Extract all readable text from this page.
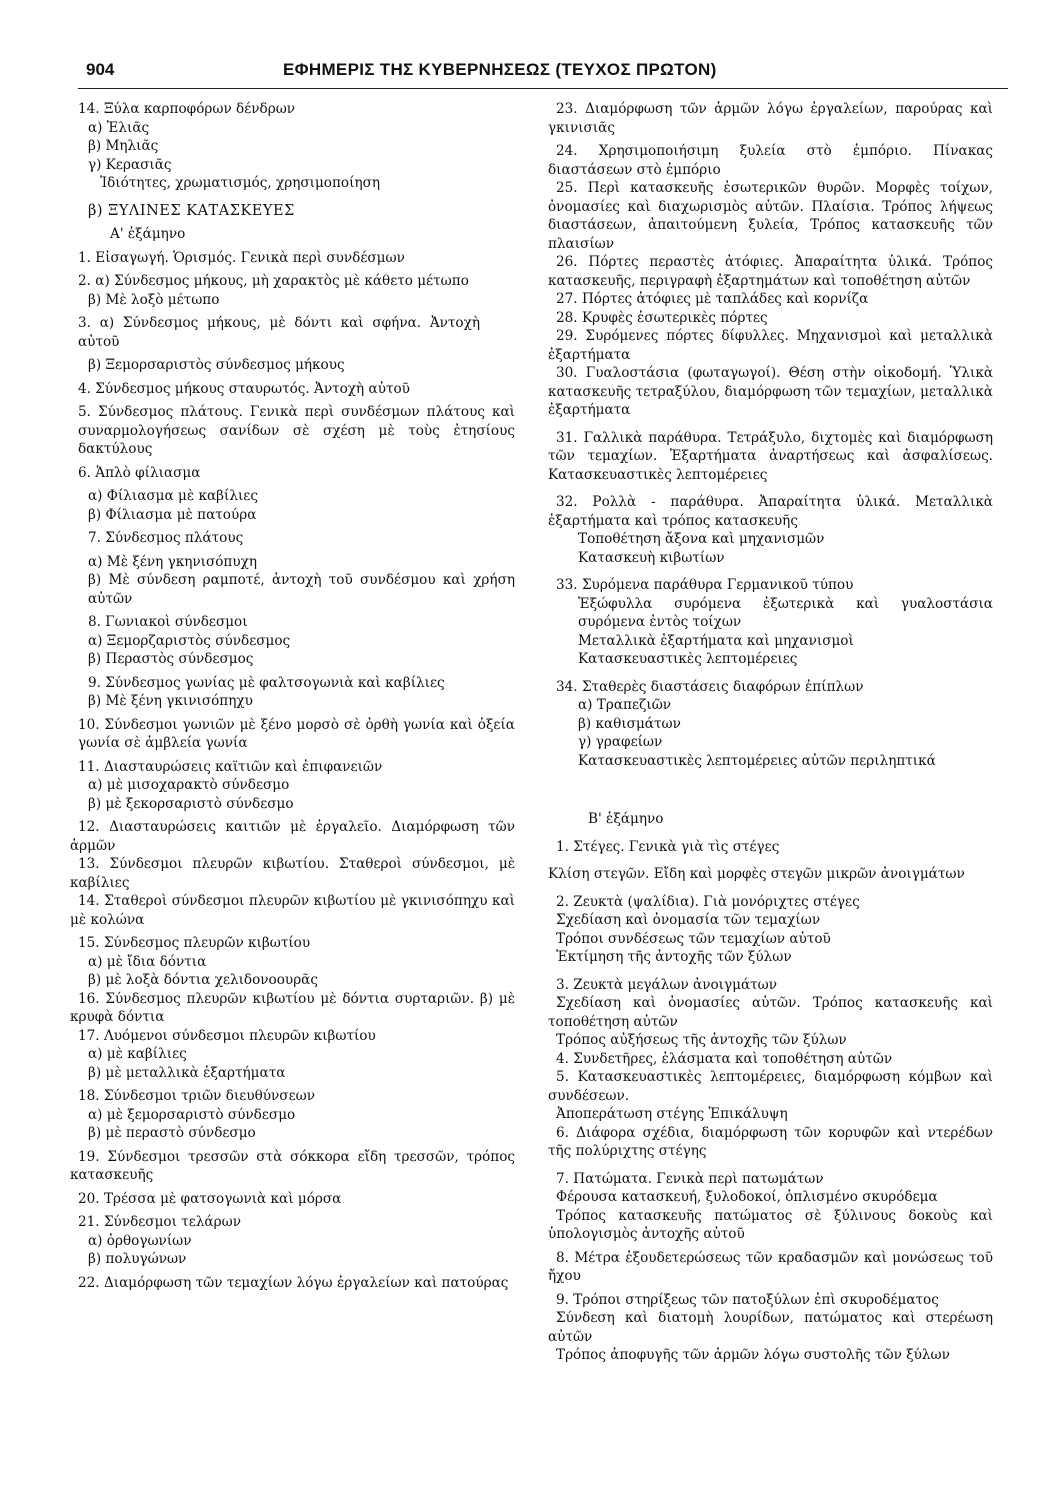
904	ΕΦΗΜΕΡΙΣ ΤΗΣ ΚΥΒΕΡΝΗΣΕΩΣ (ΤΕΥΧΟΣ ΠΡΩΤΟΝ)
14. Ξύλα καρποφόρων δένδρων
α) Ἐλιᾶς
β) Μηλιᾶς
γ) Κερασιᾶς
Ἰδιότητες, χρωματισμός, χρησιμοποίηση
β) ΞΥΛΙΝΕΣ ΚΑΤΑΣΚΕΥΕΣ
Α' ἑξάμηνο
1. Εἰσαγωγή. Ὁρισμός. Γενικὰ περὶ συνδέσμων
2. α) Σύνδεσμος μήκους, μὴ χαρακτὸς μὲ κάθετο μέτωπο
β) Μὲ λοξὸ μέτωπο
3. α) Σύνδεσμος μήκους, μὲ δόντι καὶ σφήνα. Ἀντοχὴ αὐτοῦ
β) Ξεμορσαριστὸς σύνδεσμος μήκους
4. Σύνδεσμος μήκους σταυρωτός. Ἀντοχὴ αὐτοῦ
5. Σύνδεσμος πλάτους. Γενικὰ περὶ συνδέσμων πλάτους καὶ συναρμολογήσεως σανίδων σὲ σχέση μὲ τοὺς ἐτησίους δακτύλους
6. Ἁπλὸ φίλιασμα
α) Φίλιασμα μὲ καβίλιες
β) Φίλιασμα μὲ πατούρα
7. Σύνδεσμος πλάτους
α) Μὲ ξένη γκηνισόπυχη
β) Μὲ σύνδεση ραμποτέ, ἀντοχὴ τοῦ συνδέσμου καὶ χρήση αὐτῶν
8. Γωνιακοὶ σύνδεσμοι
α) Ξεμορζαριστὸς σύνδεσμος
β) Περαστὸς σύνδεσμος
9. Σύνδεσμος γωνίας μὲ φαλτσογωνιὰ καὶ καβίλιες
β) Μὲ ξένη γκινισόπηχυ
10. Σύνδεσμοι γωνιῶν μὲ ξένο μορσὸ σὲ ὀρθὴ γωνία καὶ ὀξεία γωνία σὲ ἀμβλεία γωνία
11. Διασταυρώσεις καϊτιῶν καὶ ἐπιφανειῶν
α) μὲ μισοχαρακτὸ σύνδεσμο
β) μὲ ξεκορσαριστὸ σύνδεσμο
12. Διασταυρώσεις καιτιῶν μὲ ἐργαλεῖο. Διαμόρφωση τῶν ἁρμῶν
13. Σύνδεσμοι πλευρῶν κιβωτίου. Σταθεροὶ σύνδεσμοι, μὲ καβίλιες
14. Σταθεροὶ σύνδεσμοι πλευρῶν κιβωτίου μὲ γκινισόπηχυ καὶ μὲ κολώνα
15. Σύνδεσμος πλευρῶν κιβωτίου
α) μὲ ἴδια δόντια
β) μὲ λοξὰ δόντια χελιδονοουρᾶς
16. Σύνδεσμος πλευρῶν κιβωτίου μὲ δόντια συρταριῶν. β) μὲ κρυφὰ δόντια
17. Λυόμενοι σύνδεσμοι πλευρῶν κιβωτίου
α) μὲ καβίλιες
β) μὲ μεταλλικὰ ἐξαρτήματα
18. Σύνδεσμοι τριῶν διευθύνσεων
α) μὲ ξεμορσαριστὸ σύνδεσμο
β) μὲ περαστὸ σύνδεσμο
19. Σύνδεσμοι τρεσσῶν στὰ σόκκορα εἴδη τρεσσῶν, τρόπος κατασκευῆς
20. Τρέσσα μὲ φατσογωνιὰ καὶ μόρσα
21. Σύνδεσμοι τελάρων
α) ὀρθογωνίων
β) πολυγώνων
22. Διαμόρφωση τῶν τεμαχίων λόγω ἐργαλείων καὶ πατούρας
23. Διαμόρφωση τῶν ἁρμῶν λόγω ἐργαλείων, παρούρας καὶ γκινισιᾶς
24. Χρησιμοποιήσιμη ξυλεία στὸ ἐμπόριο. Πίνακας διαστάσεων στὸ ἐμπόριο
25. Περὶ κατασκευῆς ἐσωτερικῶν θυρῶν. Μορφὲς τοίχων, ὀνομασίες καὶ διαχωρισμὸς αὐτῶν. Πλαίσια. Τρόπος λήψεως διαστάσεων, ἀπαιτούμενη ξυλεία, Τρόπος κατασκευῆς τῶν πλαισίων
26. Πόρτες περαστὲς ἀτόφιες. Ἀπαραίτητα ὑλικά. Τρόπος κατασκευῆς, περιγραφὴ ἐξαρτημάτων καὶ τοποθέτηση αὐτῶν
27. Πόρτες ἀτόφιες μὲ ταπλάδες καὶ κορνίζα
28. Κρυφὲς ἐσωτερικὲς πόρτες
29. Συρόμενες πόρτες δίφυλλες. Μηχανισμοὶ καὶ μεταλλικὰ ἐξαρτήματα
30. Γυαλοστάσια (φωταγωγοί). Θέση στὴν οἰκοδομή. Ὑλικὰ κατασκευῆς τετραξύλου, διαμόρφωση τῶν τεμαχίων, μεταλλικὰ ἐξαρτήματα
31. Γαλλικὰ παράθυρα. Τετράξυλο, διχτομὲς καὶ διαμόρφωση τῶν τεμαχίων. Ἐξαρτήματα ἀναρτήσεως καὶ ἀσφαλίσεως. Κατασκευαστικὲς λεπτομέρειες
32. Ρολλὰ - παράθυρα. Ἀπαραίτητα ὑλικά. Μεταλλικὰ ἐξαρτήματα καὶ τρόπος κατασκευῆς
Τοποθέτηση ἄξονα καὶ μηχανισμῶν
Κατασκευὴ κιβωτίων
33. Συρόμενα παράθυρα Γερμανικοῦ τύπου
Ἐξώφυλλα συρόμενα ἐξωτερικὰ καὶ γυαλοστάσια συρόμενα ἐντὸς τοίχων
Μεταλλικὰ ἐξαρτήματα καὶ μηχανισμοὶ
Κατασκευαστικὲς λεπτομέρειες
34. Σταθερὲς διαστάσεις διαφόρων ἐπίπλων
α) Τραπεζιῶν
β) καθισμάτων
γ) γραφείων
Κατασκευαστικὲς λεπτομέρειες αὐτῶν περιληπτικά
Β' ἑξάμηνο
1. Στέγες. Γενικὰ γιὰ τὶς στέγες
Κλίση στεγῶν. Εἴδη καὶ μορφὲς στεγῶν μικρῶν ἀνοιγμάτων
2. Ζευκτὰ (ψαλίδια). Γιὰ μονόριχτες στέγες
Σχεδίαση καὶ ὀνομασία τῶν τεμαχίων
Τρόποι συνδέσεως τῶν τεμαχίων αὐτοῦ
Ἐκτίμηση τῆς ἀντοχῆς τῶν ξύλων
3. Ζευκτὰ μεγάλων ἀνοιγμάτων
Σχεδίαση καὶ ὀνομασίες αὐτῶν. Τρόπος κατασκευῆς καὶ τοποθέτηση αὐτῶν
Τρόπος αὐξήσεως τῆς ἀντοχῆς τῶν ξύλων
4. Συνδετῆρες, ἐλάσματα καὶ τοποθέτηση αὐτῶν
5. Κατασκευαστικὲς λεπτομέρειες, διαμόρφωση κόμβων καὶ συνδέσεων.
Ἀποπεράτωση στέγης Ἐπικάλυψη
6. Διάφορα σχέδια, διαμόρφωση τῶν κορυφῶν καὶ ντερέδων τῆς πολύριχτης στέγης
7. Πατώματα. Γενικὰ περὶ πατωμάτων
Φέρουσα κατασκευή, ξυλοδοκοί, ὁπλισμένο σκυρόδεμα
Τρόπος κατασκευῆς πατώματος σὲ ξύλινους δοκοὺς καὶ ὑπολογισμὸς ἀντοχῆς αὐτοῦ
8. Μέτρα ἐξουδετερώσεως τῶν κραδασμῶν καὶ μονώσεως τοῦ ἤχου
9. Τρόποι στηρίξεως τῶν πατοξύλων ἐπὶ σκυροδέματος
Σύνδεση καὶ διατομὴ λουρίδων, πατώματος καὶ στερέωση αὐτῶν
Τρόπος ἀποφυγῆς τῶν ἁρμῶν λόγω συστολῆς τῶν ξύλων
